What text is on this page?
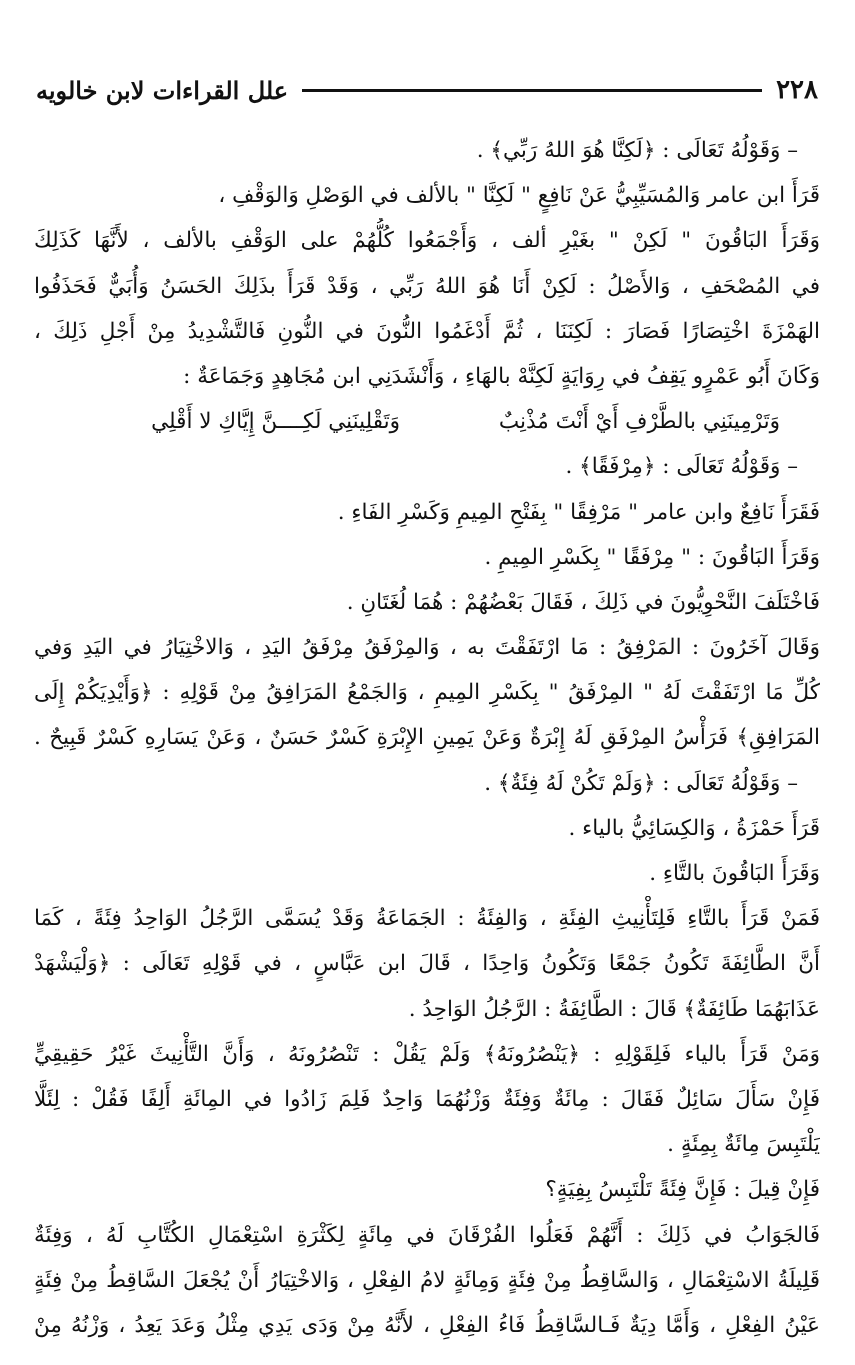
٢٢٨
علل القراءات لابن خالويه
– وَقَوْلُهُ تَعَالَى : ﴿لَكِنَّا هُوَ اللهُ رَبِّي﴾ .
قَرَأَ ابن عامر وَالمُسَيِّبِيُّ عَنْ نَافِعٍ " لَكِنَّا " بالألف في الوَصْلِ وَالوَقْفِ ،
وَقَرَأَ البَاقُونَ " لَكِنْ " بغَيْرِ ألف ، وَأَجْمَعُوا كُلُّهُمْ على الوَقْفِ بالألف ، لأَنَّهَا كَذَلِكَ
في المُصْحَفِ ، وَالأَصْلُ : لَكِنْ أَنَا هُوَ اللهُ رَبِّي ، وَقَدْ قَرَأَ بذَلِكَ الحَسَنُ وَأُبَيٌّ فَحَذَفُوا
الهَمْزَةَ اخْتِصَارًا فَصَارَ : لَكِنَنَا ، ثُمَّ أَدْغَمُوا النُّونَ في النُّونِ فَالتَّشْدِيدُ مِنْ أَجْلِ ذَلِكَ ،
وَكَانَ أَبُو عَمْرٍو يَقِفُ في رِوَايَةٍ لَكِنَّهْ بالهَاءِ ، وَأَنْشَدَنِي ابن مُجَاهِدٍ وَجَمَاعَةٌ :
وَتَرْمِينَنِي بالطَّرْفِ أَيْ أَنْتَ مُذْنِبٌوَتَقْلِينَنِي لَكِــــنَّ إِيَّاكِ لا أَقْلِي
– وَقَوْلُهُ تَعَالَى : ﴿مِرْفَقًا﴾ .
فَقَرَأَ نَافِعٌ وابن عامر " مَرْفِقًا " بِفَتْحِ المِيمِ وَكَسْرِ الفَاءِ .
وَقَرَأَ البَاقُونَ : " مِرْفَقًا " بِكَسْرِ المِيمِ .
فَاخْتَلَفَ النَّحْوِيُّونَ في ذَلِكَ ، فَقَالَ بَعْضُهُمْ : هُمَا لُغَتَانِ .
وَقَالَ آخَرُونَ : المَرْفِقُ : مَا ارْتَفَقْتَ به ، وَالمِرْفَقُ مِرْفَقُ اليَدِ ، وَالاخْتِيَارُ في اليَدِ وَفي
كُلِّ مَا ارْتَفَقْتَ لَهُ " المِرْفَقُ " بِكَسْرِ المِيمِ ، وَالجَمْعُ المَرَافِقُ مِنْ قَوْلِهِ : ﴿وَأَيْدِيَكُمْ إِلَى
المَرَافِقِ﴾ فَرَأْسُ المِرْفَقِ لَهُ إِبْرَةٌ وَعَنْ يَمِينِ الإِبْرَةِ كَسْرٌ حَسَنٌ ، وَعَنْ يَسَارِهِ كَسْرٌ قَبِيحٌ .
– وَقَوْلُهُ تَعَالَى : ﴿وَلَمْ تَكُنْ لَهُ فِئَةٌ﴾ .
قَرَأَ حَمْزَةُ ، وَالكِسَائِيُّ بالياء .
وَقَرَأَ البَاقُونَ بالتَّاءِ .
فَمَنْ قَرَأَ بالتَّاءِ فَلِتَأْنِيثِ الفِئَةِ ، وَالفِئَةُ : الجَمَاعَةُ وَقَدْ يُسَمَّى الرَّجُلُ الوَاحِدُ فِئَةً ، كَمَا
أَنَّ الطَّائِفَةَ تَكُونُ جَمْعًا وَتَكُونُ وَاحِدًا ، قَالَ ابن عَبَّاسٍ ، في قَوْلِهِ تَعَالَى : ﴿وَلْيَشْهَدْ
عَذَابَهُمَا طَائِفَةٌ﴾ قَالَ : الطَّائِفَةُ : الرَّجُلُ الوَاحِدُ .
وَمَنْ قَرَأَ بالياء فَلِقَوْلِهِ : ﴿يَنْصُرُونَهُ﴾ وَلَمْ يَقُلْ : تَنْصُرُونَهُ ، وَأَنَّ التَّأْنِيثَ غَيْرُ حَقِيقِيٍّ
فَإِنْ سَأَلَ سَائِلٌ فَقَالَ : مِائَةٌ وَفِئَةٌ وَزْنُهُمَا وَاحِدٌ فَلِمَ زَادُوا في المِائَةِ أَلِفًا فَقُلْ : لِئَلَّا
يَلْتَبِسَ مِائَةٌ بِمِئَةٍ .
فَإِنْ قِيلَ : فَإِنَّ فِئَةً تَلْتَبِسُ بِفِيَةٍ؟
فَالجَوَابُ في ذَلِكَ : أَنَّهُمْ فَعَلُوا الفُرْقَانَ في مِائَةٍ لِكَثْرَةِ اسْتِعْمَالِ الكُتَّابِ لَهُ ، وَفِئَةٌ
قَلِيلَةُ الاسْتِعْمَالِ ، وَالسَّاقِطُ مِنْ فِئَةٍ وَمِائَةٍ لامُ الفِعْلِ ، وَالاخْتِيَارُ أَنْ يُجْعَلَ السَّاقِطُ مِنْ فِئَةٍ
عَيْنُ الفِعْلِ ، وَأَمَّا دِيَةٌ فَـالسَّاقِطُ فَاءُ الفِعْلِ ، لأَنَّهُ مِنْ وَدَى يَدِي مِثْلُ وَعَدَ يَعِدُ ، وَزْنُهُ مِنْ
